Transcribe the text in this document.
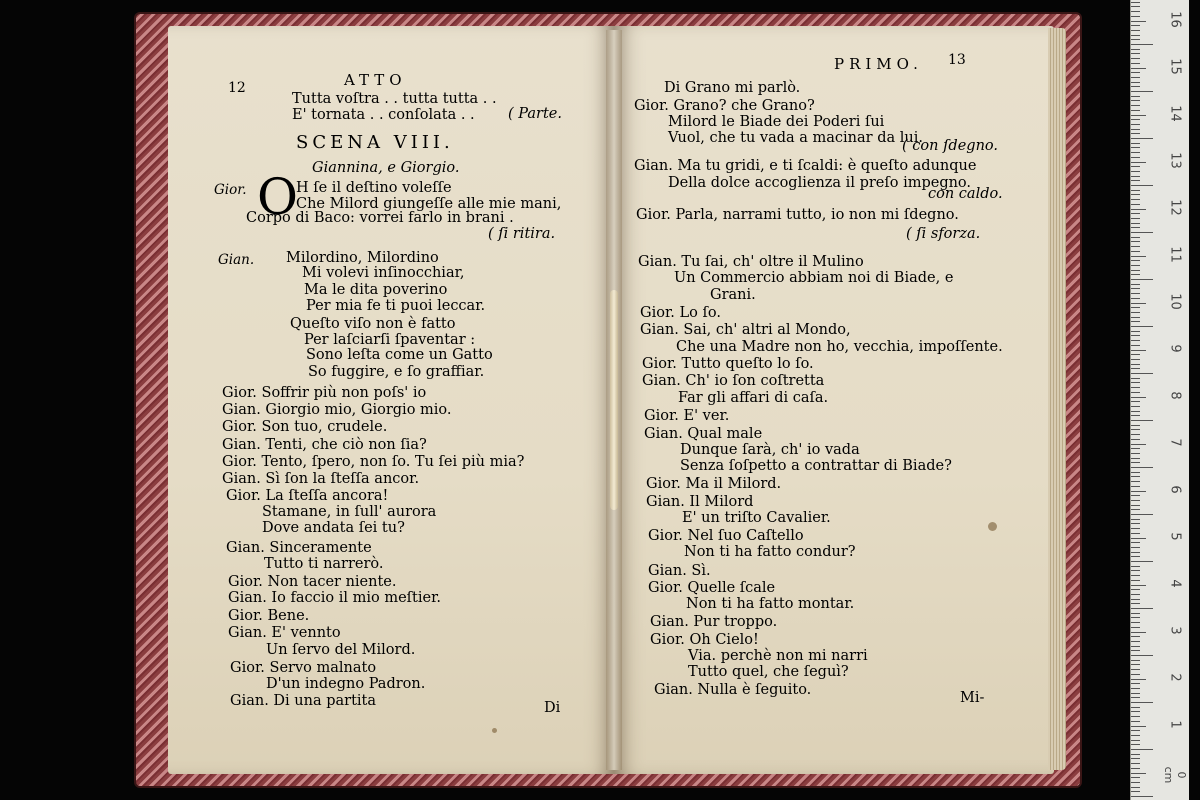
12	ATTO
Tutta voſtra . . tutta tutta . .
E' tornata . . conſolata . . ( Parte.
SCENA VIII.
Giannina, e Giorgio.
Gior. O
H ſe il deſtino voleſſe
Che Milord giungeſſe alle mie mani,
Corpo di Baco: vorrei farlo in brani .
( ſi ritira.
Gian. Milordino, Milordino
Mi volevi inſinocchiar,
Ma le dita poverino
Per mia fe ti puoi leccar.
Queſto viſo non è fatto
Per laſciarſi ſpaventar :
Sono leſta come un Gatto
So fuggire, e ſo graffiar.
Gior. Soffrir più non poſs' io
Gian. Giorgio mio, Giorgio mio.
Gior. Son tuo, crudele.
Gian. Tenti, che ciò non ſia?
Gior. Tento, ſpero, non ſo. Tu ſei più mia?
Gian. Sì ſon la ſteſſa ancor.
Gior. La ſteſſa ancora!
Stamane, in ſull' aurora
Dove andata ſei tu?
Gian. Sinceramente
Tutto ti narrerò.
Gior. Non tacer niente.
Gian. Io faccio il mio meſtier.
Gior. Bene.
Gian. E' vennto
Un ſervo del Milord.
Gior. Servo malnato
D'un indegno Padron.
Gian. Di una partita	Di
PRIMO. 13
Di Grano mi parlò.
Gior. Grano? che Grano?
Milord le Biade dei Poderi ſui
Vuol, che tu vada a macinar da lui.
( con ſdegno.
Gian. Ma tu gridi, e ti ſcaldi: è queſto adunque
con caldo.
Della dolce accoglienza il preſo impegno.
Gior. Parla, narrami tutto, io non mi ſdegno.
( ſi sforza.
Gian. Tu ſai, ch' oltre il Mulino
Un Commercio abbiam noi di Biade, e
Grani.
Gior. Lo ſo.
Gian. Sai, ch' altri al Mondo,
Che una Madre non ho, vecchia, impoſſente.
Gior. Tutto queſto lo ſo.
Gian. Ch' io ſon coſtretta
Far gli affari di caſa.
Gior. E' ver.
Gian. Qual male
Dunque ſarà, ch' io vada
Senza ſoſpetto a contrattar di Biade?
Gior. Ma il Milord.
Gian. Il Milord
E' un triſto Cavalier.
Gior. Nel ſuo Caſtello
Non ti ha fatto condur?
Gian. Sì.
Gior. Quelle ſcale
Non ti ha fatto montar.
Gian. Pur troppo.
Gior. Oh Cielo!
Via. perchè non mi narri
Tutto quel, che ſeguì?
Gian. Nulla è ſeguito.	Mi-
16
15
14
13
12
11
10
9
8
7
6
5
4
3
2
1
0 cm
